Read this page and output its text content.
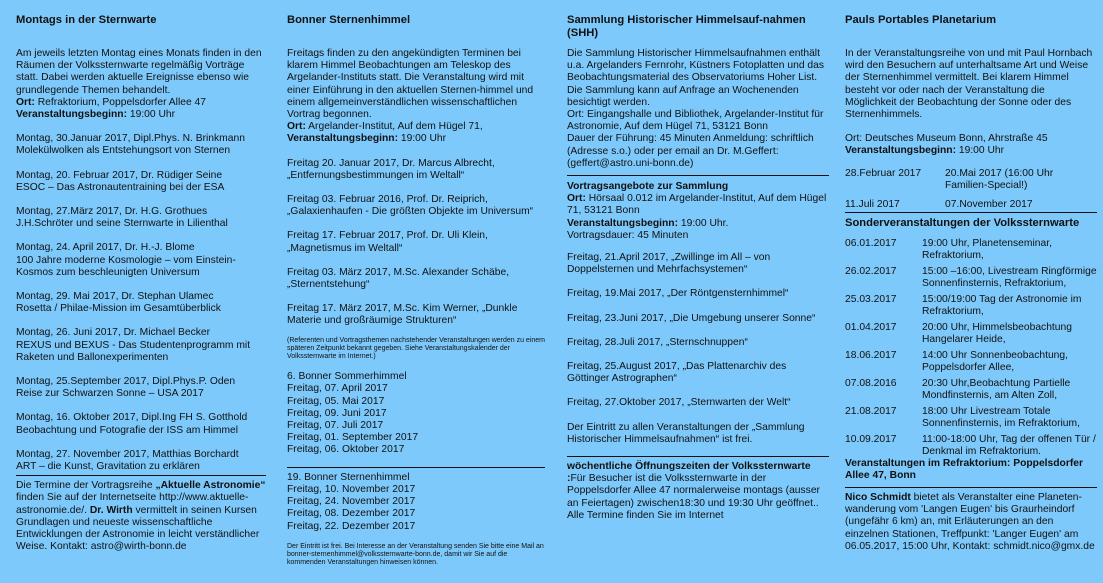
Montags in der Sternwarte

Am jeweils letzten Montag eines Monats finden in den Räumen der Volkssternwarte regelmäßig Vorträge statt. Dabei werden aktuelle Ereignisse ebenso wie grundlegende Themen behandelt.
Ort: Refraktorium, Poppelsdorfer Allee 47
Veranstaltungsbeginn: 19:00 Uhr

Montag, 30.Januar 2017, Dipl.Phys. N. Brinkmann
Molekülwolken als Entstehungsort von Sternen

Montag, 20. Februar 2017, Dr. Rüdiger Seine
ESOC – Das Astronautentraining bei der ESA

Montag, 27.März 2017, Dr. H.G. Grothues
J.H.Schröter und seine Sternwarte in Lilienthal

Montag, 24. April 2017, Dr. H.-J. Blome
100 Jahre moderne Kosmologie – vom Einstein-Kosmos zum beschleunigten Universum

Montag, 29. Mai 2017, Dr. Stephan Ulamec
Rosetta / Philae-Mission im Gesamtüberblick

Montag, 26. Juni 2017, Dr. Michael Becker
REXUS und BEXUS - Das Studentenprogramm mit Raketen und Ballonexperimenten

Montag, 25.September 2017, Dipl.Phys.P. Oden
Reise zur Schwarzen Sonne – USA 2017

Montag, 16. Oktober 2017, Dipl.Ing FH S. Gotthold
Beobachtung und Fotografie der ISS am Himmel

Montag, 27. November 2017, Matthias Borchardt
ART – die Kunst, Gravitation zu erklären

Die Termine der Vortragsreihe „Aktuelle Astronomie“ finden Sie auf der Internetseite http://www.aktuelle-astronomie.de/. Dr. Wirth vermittelt in seinen Kursen Grundlagen und neueste wissenschaftliche Entwicklungen der Astronomie in leicht verständlicher Weise. Kontakt: astro@wirth-bonn.de

Bonner Sternenhimmel

Freitags finden zu den angekündigten Terminen bei klarem Himmel Beobachtungen am Teleskop des Argelander-Instituts statt. Die Veranstaltung wird mit einer Einführung in den aktuellen Sternen-himmel und einem allgemeinverständlichen wissenschaftlichen Vortrag begonnen.
Ort: Argelander-Institut, Auf dem Hügel 71,
Veranstaltungsbeginn: 19:00 Uhr

Freitag 20. Januar 2017, Dr. Marcus Albrecht,
„Entfernungsbestimmungen im Weltall“

Freitag 03. Februar 2016, Prof. Dr. Reiprich,
„Galaxienhaufen - Die größten Objekte im Universum“

Freitag 17. Februar 2017, Prof. Dr. Uli Klein,
„Magnetismus im Weltall“

Freitag 03. März 2017, M.Sc. Alexander Schäbe,
„Sternentstehung“

Freitag 17. März 2017, M.Sc. Kim Werner, „Dunkle
Materie und großräumige Strukturen“

(Referenten und Vortragsthemen nachstehender Veranstaltungen werden zu einem späteren Zeitpunkt bekannt gegeben. Siehe Veranstaltungskalender der Volkssternwarte im Internet.)

6. Bonner Sommerhimmel
Freitag, 07. April 2017
Freitag, 05. Mai 2017
Freitag, 09. Juni 2017
Freitag, 07. Juli 2017
Freitag, 01. September 2017
Freitag, 06. Oktober 2017

19. Bonner Sternenhimmel
Freitag, 10. November 2017
Freitag, 24. November 2017
Freitag, 08. Dezember 2017
Freitag, 22. Dezember 2017

Der Eintritt ist frei. Bei Interesse an der Veranstaltung senden Sie bitte eine Mail an bonner-sternenhimmel@volkssternwarte-bonn.de, damit wir Sie auf die kommenden Veranstaltungen hinweisen können.

Sammlung Historischer Himmelsauf-nahmen (SHH)

Die Sammlung Historischer Himmelsaufnahmen enthält u.a. Argelanders Fernrohr, Küstners Fotoplatten und das Beobachtungsmaterial des Observatoriums Hoher List. Die Sammlung kann auf Anfrage an Wochenenden besichtigt werden.
Ort: Eingangshalle und Bibliothek, Argelander-Institut für Astronomie, Auf dem Hügel 71, 53121 Bonn
Dauer der Führung: 45 Minuten Anmeldung: schriftlich (Adresse s.o.) oder per email an Dr. M.Geffert: (geffert@astro.uni-bonn.de)

Vortragsangebote zur Sammlung
Ort: Hörsaal 0.012 im Argelander-Institut, Auf dem Hügel 71, 53121 Bonn
Veranstaltungsbeginn: 19:00 Uhr.
Vortragsdauer: 45 Minuten

Freitag, 21.April 2017, „Zwillinge im All – von Doppelsternen und Mehrfachsystemen“

Freitag, 19.Mai 2017, „Der Röntgensternhimmel“

Freitag, 23.Juni 2017, „Die Umgebung unserer Sonne“

Freitag, 28.Juli 2017, „Sternschnuppen“

Freitag, 25.August 2017, „Das Plattenarchiv des Göttinger Astrographen“

Freitag, 27.Oktober 2017, „Sternwarten der Welt“

Der Eintritt zu allen Veranstaltungen der „Sammlung Historischer Himmelsaufnahmen“ ist frei.

wöchentliche Öffnungszeiten der Volkssternwarte :Für Besucher ist die Volkssternwarte in der Poppelsdorfer Allee 47 normalerweise montags (ausser an Feiertagen) zwischen18:30 und 19:30 Uhr geöffnet.. Alle Termine finden Sie im Internet

Pauls Portables Planetarium

In der Veranstaltungsreihe von und mit Paul Hornbach wird den Besuchern auf unterhaltsame Art und Weise der Sternenhimmel vermittelt. Bei klarem Himmel besteht vor oder nach der Veranstaltung die Möglichkeit der Beobachtung der Sonne oder des Sternenhimmels.

Ort: Deutsches Museum Bonn, Ahrstraße 45
Veranstaltungsbeginn: 19:00 Uhr

28.Februar 2017	20.Mai 2017 (16:00 Uhr Familien-Special!)
11.Juli 2017	07.November 2017
Sonderveranstaltungen der Volkssternwarte
06.01.2017	19:00 Uhr, Planetenseminar, Refraktorium,
26.02.2017	15:00 –16:00, Livestream Ringförmige Sonnenfinsternis, Refraktorium,
25.03.2017	15:00/19:00 Tag der Astronomie im Refraktorium,
01.04.2017	20:00 Uhr, Himmelsbeobachtung Hangelarer Heide,
18.06.2017	14:00 Uhr Sonnenbeobachtung, Poppelsdorfer Allee,
07.08.2016	20:30 Uhr,Beobachtung Partielle Mondfinsternis, am Alten Zoll,
21.08.2017	18:00 Uhr Livestream Totale Sonnenfinsternis, im Refraktorium,
10.09.2017	11:00-18:00 Uhr, Tag der offenen Tür / Denkmal im Refraktorium.

Veranstaltungen im Refraktorium: Poppelsdorfer Allee 47, Bonn

Nico Schmidt bietet als Veranstalter eine Planeten-wanderung vom 'Langen Eugen' bis Graurheindorf (ungefähr 6 km) an, mit Erläuterungen an den einzelnen Stationen, Treffpunkt: 'Langer Eugen' am 06.05.2017, 15:00 Uhr, Kontakt: schmidt.nico@gmx.de
